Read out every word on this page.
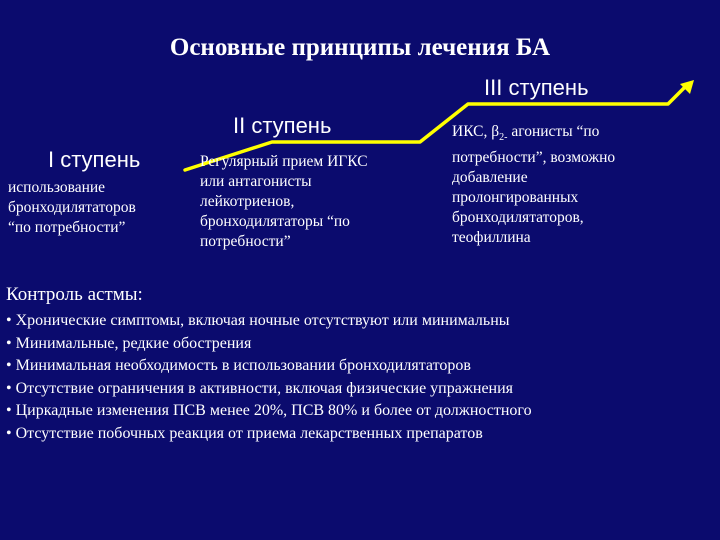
Основные принципы лечения БА
I ступень
использование
бронходилятаторов
“по потребности”
II ступень
Регулярный прием ИГКС
или антагонисты
лейкотриенов,
бронходилятаторы “по
потребности”
III ступень
ИКС, $\beta_{2-}$ агонисты “по
потребности”, возможно
добавление
пролонгированных
бронходилятаторов,
теофиллина
Контроль астмы:
• Хронические симптомы, включая ночные отсутствуют или минимальны
• Минимальные, редкие обострения
• Минимальная необходимость в использовании бронходилятаторов
• Отсутствие ограничения в активности, включая физические упражнения
• Циркадные изменения ПСВ менее 20%, ПСВ 80% и более от должностного
• Отсутствие побочных реакция от приема лекарственных препаратов
